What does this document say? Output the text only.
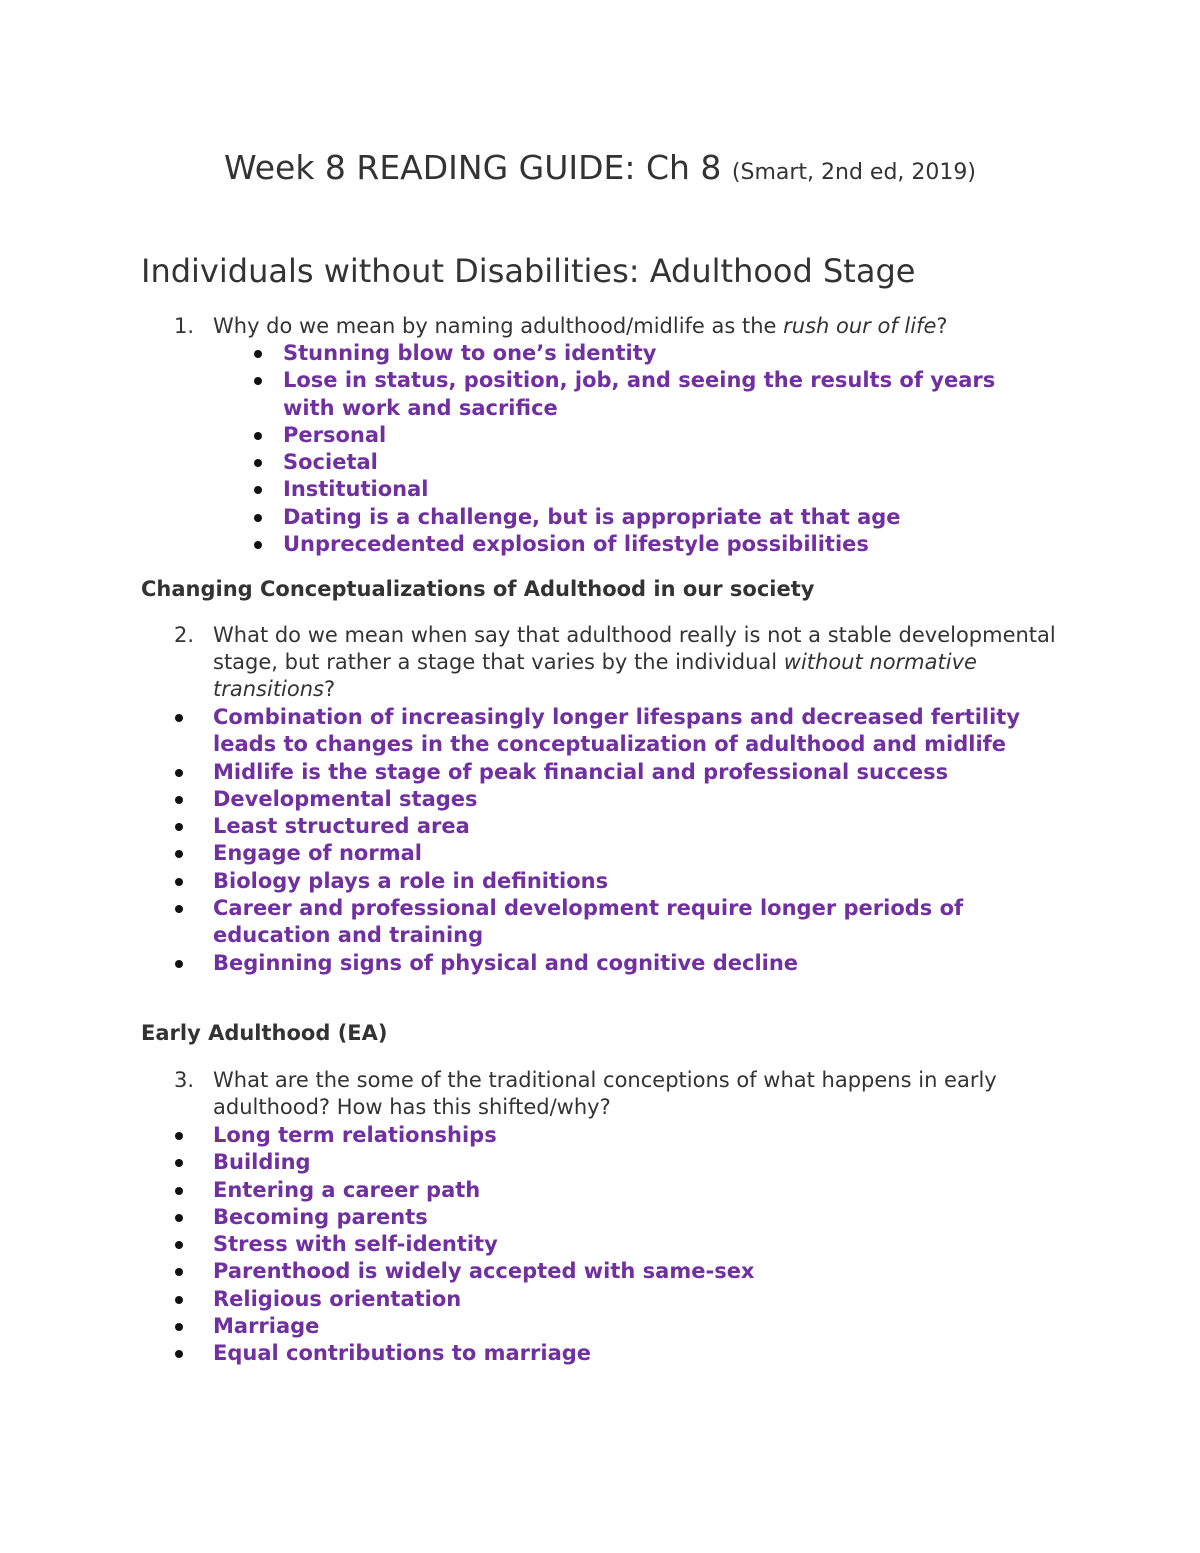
Week 8 READING GUIDE: Ch 8 (Smart, 2nd ed, 2019)
Individuals without Disabilities: Adulthood Stage
1. Why do we mean by naming adulthood/midlife as the rush our of life?
Stunning blow to one’s identity
Lose in status, position, job, and seeing the results of years with work and sacrifice
Personal
Societal
Institutional
Dating is a challenge, but is appropriate at that age
Unprecedented explosion of lifestyle possibilities
Changing Conceptualizations of Adulthood in our society
2. What do we mean when say that adulthood really is not a stable developmental stage, but rather a stage that varies by the individual without normative transitions?
Combination of increasingly longer lifespans and decreased fertility leads to changes in the conceptualization of adulthood and midlife
Midlife is the stage of peak financial and professional success
Developmental stages
Least structured area
Engage of normal
Biology plays a role in definitions
Career and professional development require longer periods of education and training
Beginning signs of physical and cognitive decline
Early Adulthood (EA)
3. What are the some of the traditional conceptions of what happens in early adulthood? How has this shifted/why?
Long term relationships
Building
Entering a career path
Becoming parents
Stress with self-identity
Parenthood is widely accepted with same-sex
Religious orientation
Marriage
Equal contributions to marriage
